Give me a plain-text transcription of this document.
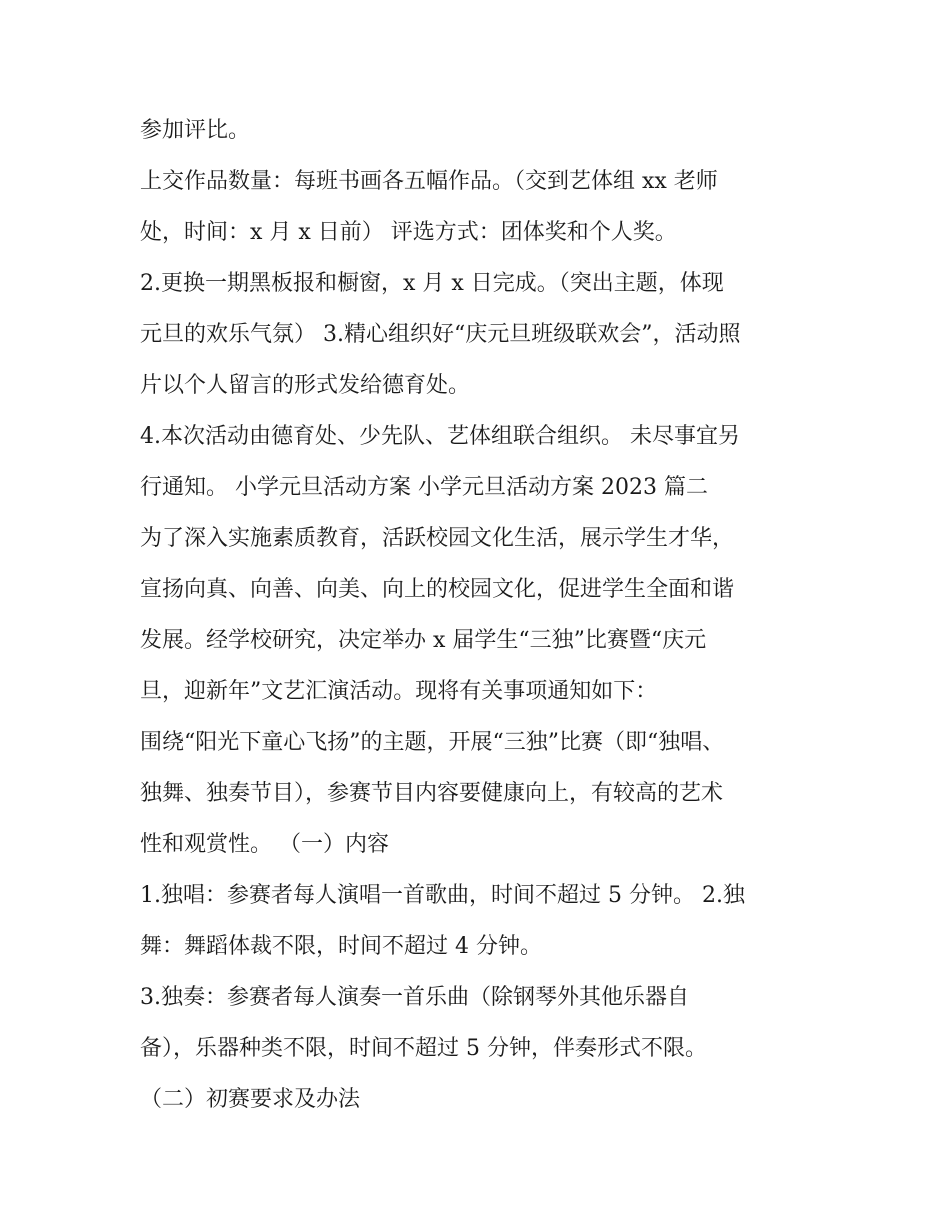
参加评比。
上交作品数量：每班书画各五幅作品。（交到艺体组 xx 老师
处，时间：x 月 x 日前） 评选方式：团体奖和个人奖。
2.更换一期黑板报和橱窗，x 月 x 日完成。（突出主题，体现
元旦的欢乐气氛） 3.精心组织好“庆元旦班级联欢会”，活动照
片以个人留言的形式发给德育处。
4.本次活动由德育处、少先队、艺体组联合组织。 未尽事宜另
行通知。 小学元旦活动方案 小学元旦活动方案 2023 篇二
为了深入实施素质教育，活跃校园文化生活，展示学生才华，
宣扬向真、向善、向美、向上的校园文化，促进学生全面和谐
发展。经学校研究，决定举办 x 届学生“三独”比赛暨“庆元
旦，迎新年”文艺汇演活动。现将有关事项通知如下：
围绕“阳光下童心飞扬”的主题，开展“三独”比赛（即“独唱、
独舞、独奏节目），参赛节目内容要健康向上，有较高的艺术
性和观赏性。 （一）内容
1.独唱：参赛者每人演唱一首歌曲，时间不超过 5 分钟。 2.独
舞：舞蹈体裁不限，时间不超过 4 分钟。
3.独奏：参赛者每人演奏一首乐曲（除钢琴外其他乐器自
备），乐器种类不限，时间不超过 5 分钟，伴奏形式不限。
（二）初赛要求及办法
